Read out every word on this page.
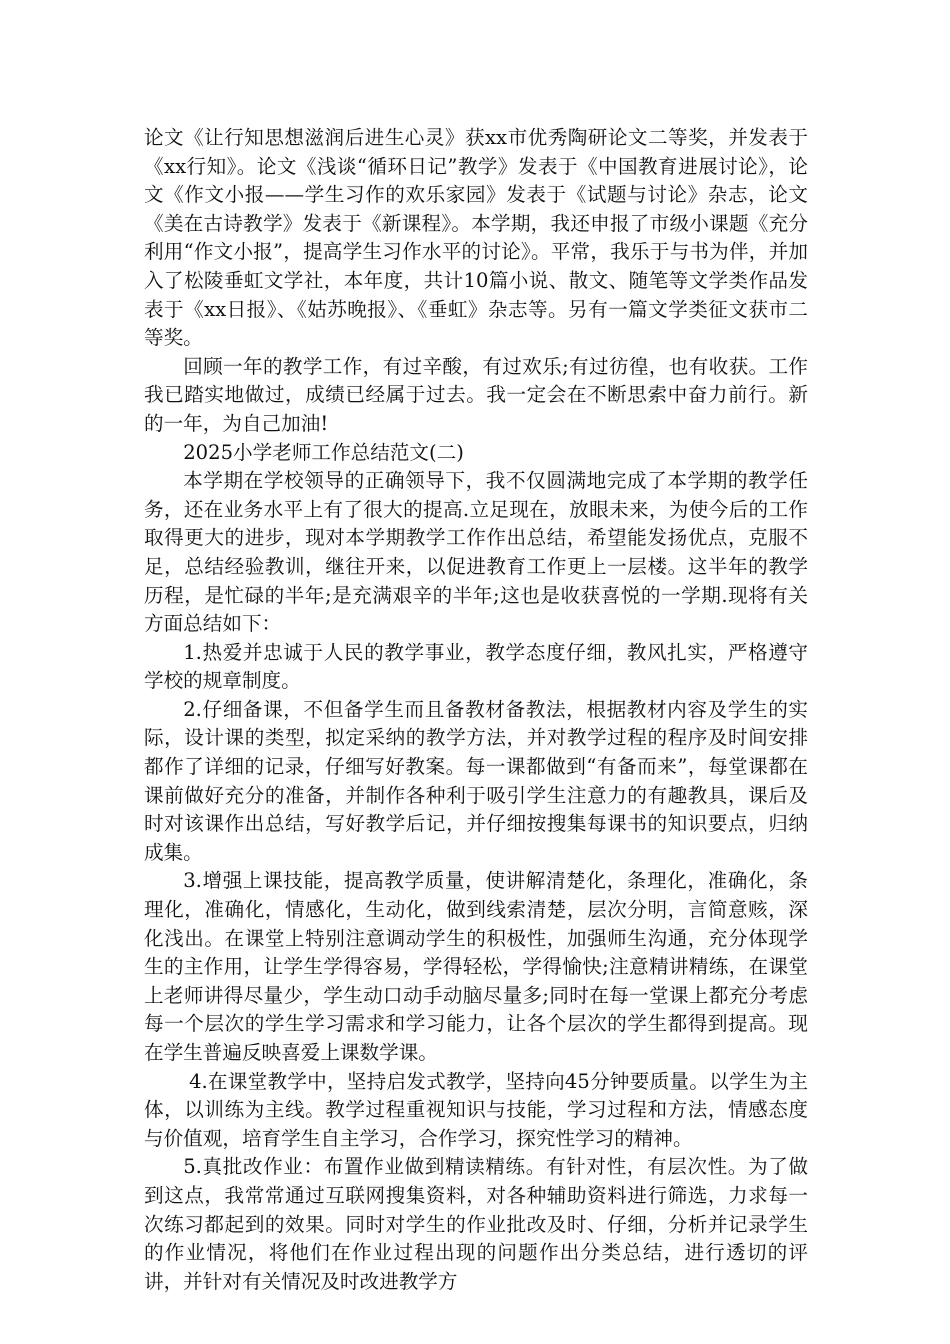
论文《让行知思想滋润后进生心灵》获xx市优秀陶研论文二等奖，并发表于《xx行知》。论文《浅谈“循环日记”教学》发表于《中国教育进展讨论》，论文《作文小报——学生习作的欢乐家园》发表于《试题与讨论》杂志，论文《美在古诗教学》发表于《新课程》。本学期，我还申报了市级小课题《充分利用“作文小报”，提高学生习作水平的讨论》。平常，我乐于与书为伴，并加入了松陵垂虹文学社，本年度，共计10篇小说、散文、随笔等文学类作品发表于《xx日报》、《姑苏晚报》、《垂虹》杂志等。另有一篇文学类征文获市二等奖。

回顾一年的教学工作，有过辛酸，有过欢乐;有过彷徨，也有收获。工作我已踏实地做过，成绩已经属于过去。我一定会在不断思索中奋力前行。新的一年，为自己加油!

2025小学老师工作总结范文(二)

本学期在学校领导的正确领导下，我不仅圆满地完成了本学期的教学任务，还在业务水平上有了很大的提高.立足现在，放眼未来，为使今后的工作取得更大的进步，现对本学期教学工作作出总结，希望能发扬优点，克服不足，总结经验教训，继往开来，以促进教育工作更上一层楼。这半年的教学历程，是忙碌的半年;是充满艰辛的半年;这也是收获喜悦的一学期.现将有关方面总结如下：

1.热爱并忠诚于人民的教学事业，教学态度仔细，教风扎实，严格遵守学校的规章制度。

2.仔细备课，不但备学生而且备教材备教法，根据教材内容及学生的实际，设计课的类型，拟定采纳的教学方法，并对教学过程的程序及时间安排都作了详细的记录，仔细写好教案。每一课都做到“有备而来”，每堂课都在课前做好充分的准备，并制作各种利于吸引学生注意力的有趣教具，课后及时对该课作出总结，写好教学后记，并仔细按搜集每课书的知识要点，归纳成集。

3.增强上课技能，提高教学质量，使讲解清楚化，条理化，准确化，条理化，准确化，情感化，生动化，做到线索清楚，层次分明，言简意赅，深化浅出。在课堂上特别注意调动学生的积极性，加强师生沟通，充分体现学生的主作用，让学生学得容易，学得轻松，学得愉快;注意精讲精练，在课堂上老师讲得尽量少，学生动口动手动脑尽量多;同时在每一堂课上都充分考虑每一个层次的学生学习需求和学习能力，让各个层次的学生都得到提高。现在学生普遍反映喜爱上课数学课。

4.在课堂教学中，坚持启发式教学，坚持向45分钟要质量。以学生为主体，以训练为主线。教学过程重视知识与技能，学习过程和方法，情感态度与价值观，培育学生自主学习，合作学习，探究性学习的精神。

5.真批改作业：布置作业做到精读精练。有针对性，有层次性。为了做到这点，我常常通过互联网搜集资料，对各种辅助资料进行筛选，力求每一次练习都起到的效果。同时对学生的作业批改及时、仔细，分析并记录学生的作业情况，将他们在作业过程出现的问题作出分类总结，进行透切的评讲，并针对有关情况及时改进教学方
